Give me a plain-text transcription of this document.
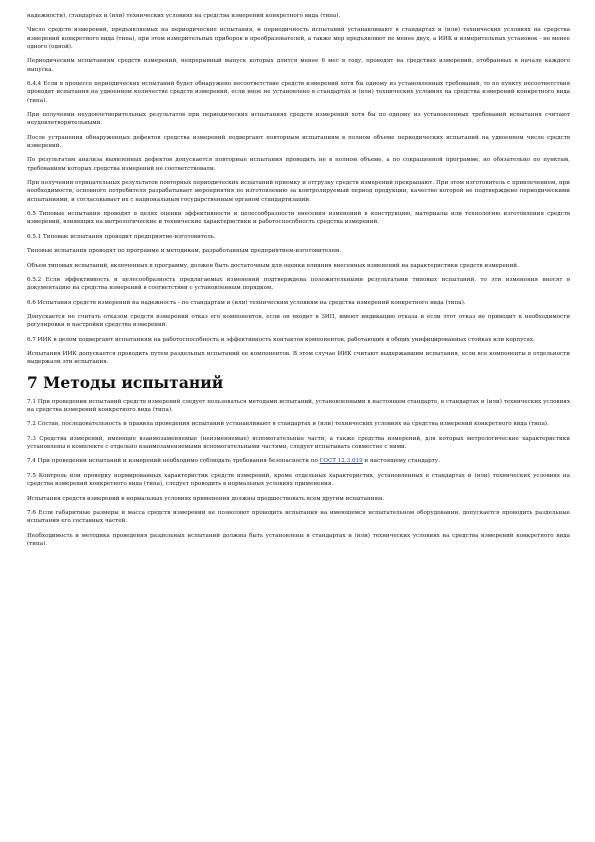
надежности), стандартах и (или) технических условиях на средства измерений конкретного вида (типа).

Число средств измерений, предъявляемых на периодические испытания, и периодичность испытаний устанавливают в стандартах и (или) технических условиях на средства измерений конкретного вида (типа), при этом измерительных приборов и преобразователей, а также мер предъявляют не менее двух, а ИИК и измерительных установок - не менее одного (одной).

Периодическим испытаниям средств измерений, непрерывный выпуск которых длится менее 6 мес в году, проводят на средствах измерений, отобранных в начале каждого выпуска.

6.4.4 Если в процессе периодических испытаний будет обнаружено несоответствие средств измерений хотя бы одному из установленных требований, то по пункту несоответствия проводят испытания на удвоенном количестве средств измерений, если иное не установлено в стандартах и (или) технических условиях на средства измерений конкретного вида (типа).

При получении неудовлетворительных результатов при периодических испытаниях средств измерений хотя бы по одному из установленных требований испытания считают неудовлетворительными.

После устранения обнаруженных дефектов средства измерений подвергают повторным испытаниям в полном объеме периодических испытаний на удвоенном числе средств измерений.

По результатам анализа выявленных дефектов допускается повторные испытания проводить не в полном объеме, а по сокращенной программе, но обязательно по пунктам, требованиям которых средства измерений не соответствовали.

При получении отрицательных результатов повторных периодических испытаний приемку и отгрузку средств измерений прекращают. При этом изготовитель с привлечением, при необходимости, основного потребителя разрабатывает мероприятия по изготовлению за контролируемый период продукции, качество которой не подтверждено периодическими испытаниями, и согласовывает их с национальным государственным органом стандартизации.

6.5 Типовые испытания проводят в целях оценки эффективности и целесообразности внесения изменений в конструкцию, материалы или технологию изготовления средств измерений, влияющих на метрологические и технические характеристики и работоспособность средства измерений.

6.5.1 Типовые испытания проводит предприятие-изготовитель.

Типовые испытания проводят по программе и методикам, разработанным предприятием-изготовителем.

Объем типовых испытаний, включенных в программу, должен быть достаточным для оценки влияния внесенных изменений на характеристики средств измерений.

6.5.2 Если эффективность и целесообразность предлагаемых изменений подтверждена положительными результатами типовых испытаний, то эти изменения вносят в документацию на средства измерений в соответствии с установленным порядком.

6.6 Испытания средств измерений на надежность - по стандартам и (или) техническим условиям на средства измерений конкретного вида (типа).

Допускается не считать отказом средств измерений отказ его компонентов, если он входит в ЗИП, имеют индикацию отказа и если этот отказ не приводит к необходимости регулировки и настройки средства измерений.

6.7 ИИК в целом подвергают испытаниям на работоспособность и эффективность контактов компонентов, работающих в общих унифицированных стойках или корпусах.

Испытания ИИК допускается проводить путем раздельных испытаний ее компонентов. В этом случае ИИК считают выдержавшим испытания, если все компоненты в отдельности выдержали эти испытания.

7 Методы испытаний

7.1 При проведении испытаний средств измерений следует пользоваться методами испытаний, установленными в настоящем стандарте, в стандартах и (или) технических условиях на средства измерений конкретного вида (типа).

7.2 Состав, последовательность и правила проведения испытаний устанавливают в стандартах и (или) технических условиях на средства измерений конкретного вида (типа).

7.3 Средства измерений, имеющие взаимозаменяемые (неизменяемые) вспомогательные части, а также средства измерений, для которых метрологические характеристики установлены в комплекте с отдельно взаимозаменяемыми вспомогательными частями, следует испытывать совместно с ними.

7.4 При проведении испытаний и измерений необходимо соблюдать требования безопасности по ГОСТ 12.3.019 и настоящему стандарту.

7.5 Контроль или проверку нормированных характеристик средств измерений, кроме отдельных характеристик, установленных в стандартах и (или) технических условиях на средства измерений конкретного вида (типа), следует проводить в нормальных условиях применения.

Испытания средств измерений в нормальных условиях применения должны предшествовать всем другим испытаниям.

7.6 Если габаритные размеры и масса средств измерений не позволяют проводить испытания на имеющемся испытательном оборудовании, допускается проводить раздельные испытания его составных частей.

Необходимость и методика проведения раздельных испытаний должны быть установлены в стандартах и (или) технических условиях на средства измерений конкретного вида (типа).
